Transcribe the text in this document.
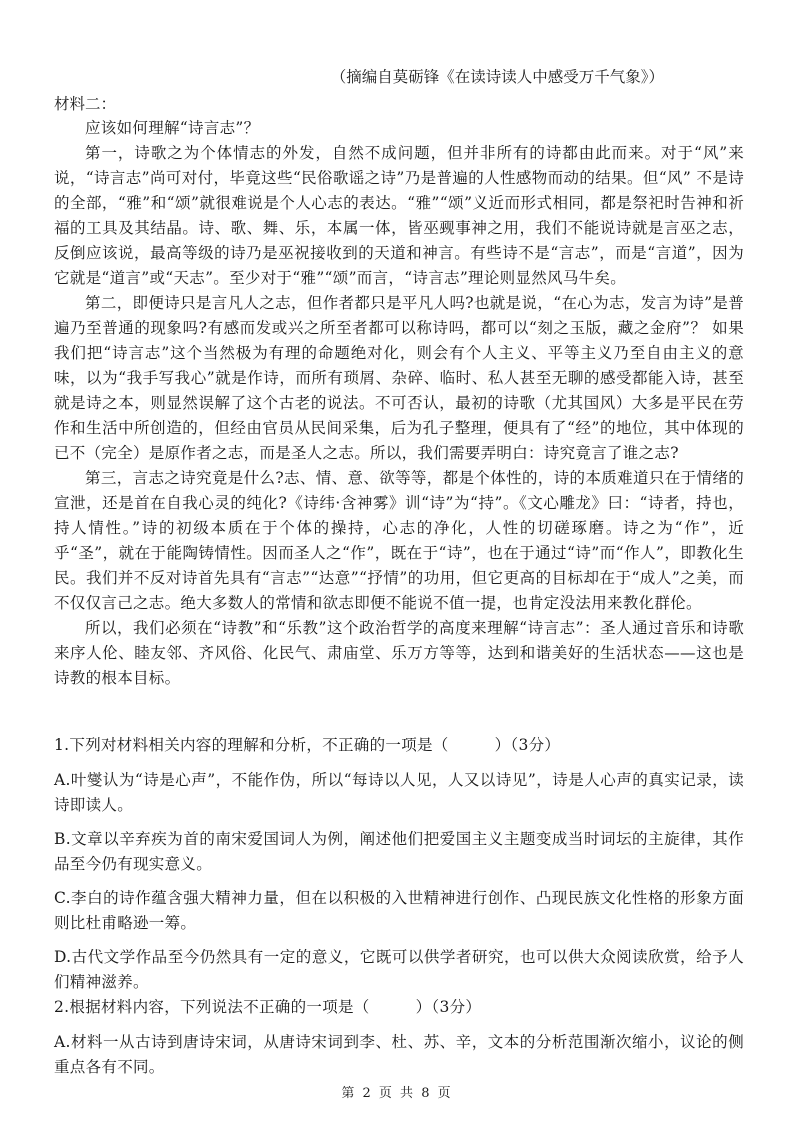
（摘编自莫砺锋《在读诗读人中感受万千气象》）
材料二：

应该如何理解“诗言志”？

第一，诗歌之为个体情志的外发，自然不成问题，但并非所有的诗都由此而来。对于“风”来说，“诗言志”尚可对付，毕竟这些“民俗歌谣之诗”乃是普遍的人性感物而动的结果。但“风” 不是诗的全部，“雅”和“颂”就很难说是个人心志的表达。“雅”“颂”义近而形式相同，都是祭祀时告神和祈福的工具及其结晶。诗、歌、舞、乐，本属一体，皆巫觋事神之用，我们不能说诗就是言巫之志，反倒应该说，最高等级的诗乃是巫祝接收到的天道和神言。有些诗不是“言志”，而是“言道”，因为它就是“道言”或“天志”。至少对于“雅”“颂”而言，“诗言志”理论则显然风马牛矣。

第二，即便诗只是言凡人之志，但作者都只是平凡人吗?也就是说，“在心为志，发言为诗”是普遍乃至普通的现象吗?有感而发或兴之所至者都可以称诗吗，都可以“刻之玉版，藏之金府”？ 如果我们把“诗言志”这个当然极为有理的命题绝对化，则会有个人主义、平等主义乃至自由主义的意味，以为“我手写我心”就是作诗，而所有琐屑、杂碎、临时、私人甚至无聊的感受都能入诗，甚至就是诗之本，则显然误解了这个古老的说法。不可否认，最初的诗歌（尤其国风）大多是平民在劳作和生活中所创造的，但经由官员从民间采集，后为孔子整理，便具有了“经”的地位，其中体现的已不（完全）是原作者之志，而是圣人之志。所以，我们需要弄明白：诗究竟言了谁之志?

第三，言志之诗究竟是什么?志、情、意、欲等等，都是个体性的，诗的本质难道只在于情绪的宣泄，还是首在自我心灵的纯化?《诗纬·含神雾》训“诗”为“持”。《文心雕龙》曰：“诗者，持也，持人情性。”诗的初级本质在于个体的操持，心志的净化，人性的切磋琢磨。诗之为“作”，近乎“圣”，就在于能陶铸情性。因而圣人之“作”，既在于“诗”，也在于通过“诗”而“作人”，即教化生民。我们并不反对诗首先具有“言志”“达意”“抒情”的功用，但它更高的目标却在于“成人”之美，而不仅仅言己之志。绝大多数人的常情和欲志即便不能说不值一提，也肯定没法用来教化群伦。

所以，我们必须在“诗教”和“乐教”这个政治哲学的高度来理解“诗言志”：圣人通过音乐和诗歌来序人伦、睦友邻、齐风俗、化民气、肃庙堂、乐万方等等，达到和谐美好的生活状态——这也是诗教的根本目标。

1.下列对材料相关内容的理解和分析，不正确的一项是（	）（3分）
A.叶燮认为“诗是心声”，不能作伪，所以“每诗以人见，人又以诗见”，诗是人心声的真实记录，读诗即读人。
B.文章以辛弃疾为首的南宋爱国词人为例，阐述他们把爱国主义主题变成当时词坛的主旋律，其作品至今仍有现实意义。
C.李白的诗作蕴含强大精神力量，但在以积极的入世精神进行创作、凸现民族文化性格的形象方面则比杜甫略逊一筹。
D.古代文学作品至今仍然具有一定的意义，它既可以供学者研究，也可以供大众阅读欣赏，给予人们精神滋养。
2.根据材料内容，下列说法不正确的一项是（	）（3分）
A.材料一从古诗到唐诗宋词，从唐诗宋词到李、杜、苏、辛，文本的分析范围渐次缩小，议论的侧重点各有不同。
第 2 页 共 8 页
